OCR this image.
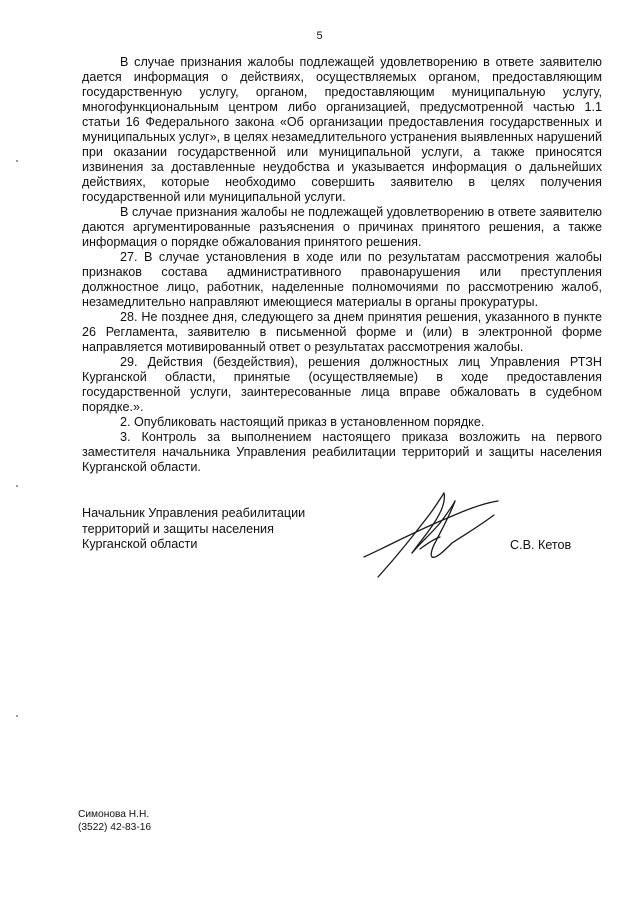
5

В случае признания жалобы подлежащей удовлетворению в ответе заявителю дается информация о действиях, осуществляемых органом, предоставляющим государственную услугу, органом, предоставляющим муниципальную услугу, многофункциональным центром либо организацией, предусмотренной частью 1.1 статьи 16 Федерального закона «Об организации предоставления государственных и муниципальных услуг», в целях незамедлительного устранения выявленных нарушений при оказании государственной или муниципальной услуги, а также приносятся извинения за доставленные неудобства и указывается информация о дальнейших действиях, которые необходимо совершить заявителю в целях получения государственной или муниципальной услуги.

В случае признания жалобы не подлежащей удовлетворению в ответе заявителю даются аргументированные разъяснения о причинах принятого решения, а также информация о порядке обжалования принятого решения.

27. В случае установления в ходе или по результатам рассмотрения жалобы признаков состава административного правонарушения или преступления должностное лицо, работник, наделенные полномочиями по рассмотрению жалоб, незамедлительно направляют имеющиеся материалы в органы прокуратуры.

28. Не позднее дня, следующего за днем принятия решения, указанного в пункте 26 Регламента, заявителю в письменной форме и (или) в электронной форме направляется мотивированный ответ о результатах рассмотрения жалобы.

29. Действия (бездействия), решения должностных лиц Управления РТЗН Курганской области, принятые (осуществляемые) в ходе предоставления государственной услуги, заинтересованные лица вправе обжаловать в судебном порядке.».

2. Опубликовать настоящий приказ в установленном порядке.

3. Контроль за выполнением настоящего приказа возложить на первого заместителя начальника Управления реабилитации территорий и защиты населения Курганской области.

Начальник Управления реабилитации
территорий и защиты населения
Курганской области	С.В. Кетов
Симонова Н.Н.
(3522) 42-83-16
